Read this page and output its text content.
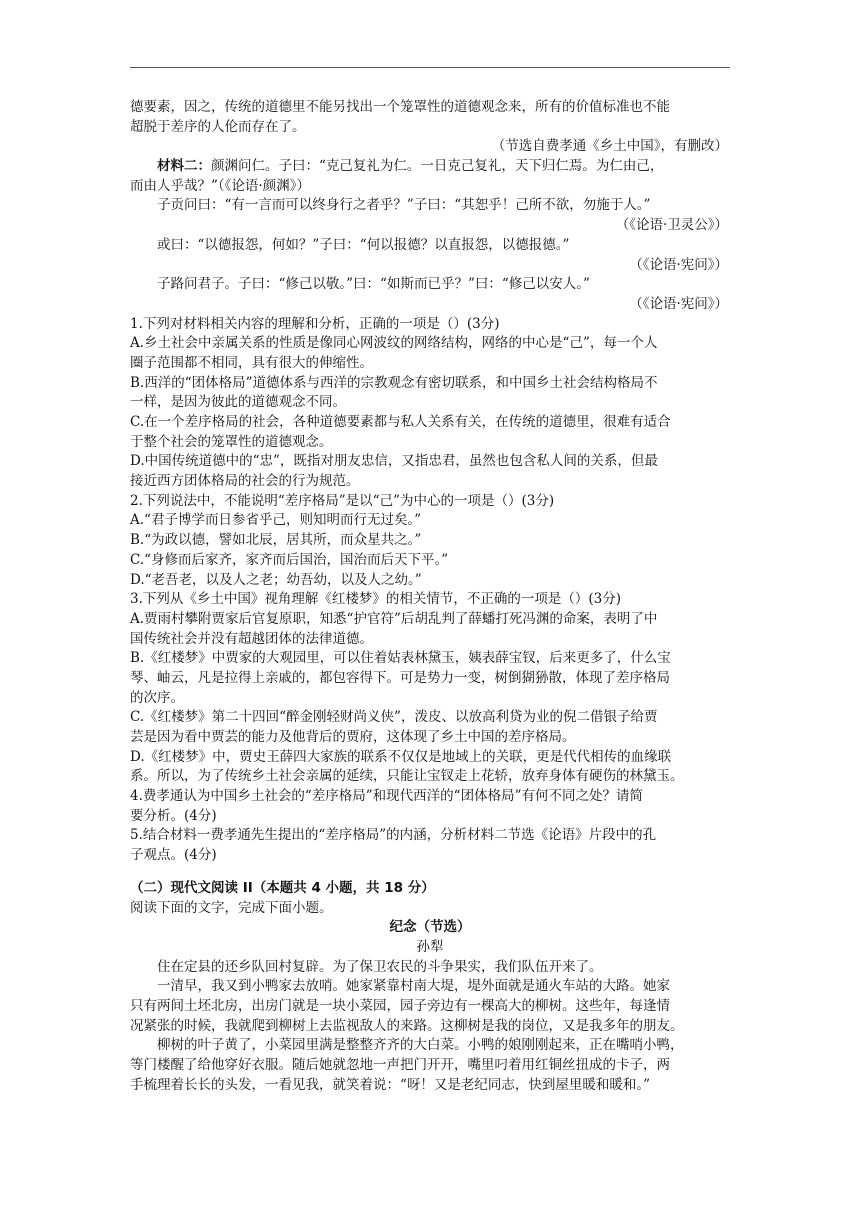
德要素，因之，传统的道德里不能另找出一个笼罩性的道德观念来，所有的价值标准也不能
超脱于差序的人伦而存在了。
（节选自费孝通《乡土中国》，有删改）
材料二：颜渊问仁。子曰：“克己复礼为仁。一日克己复礼，天下归仁焉。为仁由己，
而由人乎哉？”（《论语·颜渊》）
子贡问曰：“有一言而可以终身行之者乎？”子曰：“其恕乎！己所不欲，勿施于人。”
（《论语·卫灵公》）
或曰：“以德报怨，何如？”子曰：“何以报德？以直报怨，以德报德。”
（《论语·宪问》）
子路问君子。子曰：“修己以敬。”曰：“如斯而已乎？”曰：“修己以安人。”
（《论语·宪问》）
1.下列对材料相关内容的理解和分析，正确的一项是（）(3分)
A.乡土社会中亲属关系的性质是像同心网波纹的网络结构，网络的中心是“己”，每一个人
圈子范围都不相同，具有很大的伸缩性。
B.西洋的“团体格局”道德体系与西洋的宗教观念有密切联系，和中国乡土社会结构格局不
一样，是因为彼此的道德观念不同。
C.在一个差序格局的社会，各种道德要素都与私人关系有关，在传统的道德里，很难有适合
于整个社会的笼罩性的道德观念。
D.中国传统道德中的“忠”，既指对朋友忠信，又指忠君，虽然也包含私人间的关系，但最
接近西方团体格局的社会的行为规范。
2.下列说法中，不能说明“差序格局”是以“己”为中心的一项是（）(3分)
A.“君子博学而日参省乎己，则知明而行无过矣。”
B.“为政以德，譬如北辰，居其所，而众星共之。”
C.“身修而后家齐，家齐而后国治，国治而后天下平。”
D.“老吾老，以及人之老；幼吾幼，以及人之幼。”
3.下列从《乡土中国》视角理解《红楼梦》的相关情节，不正确的一项是（）(3分)
A.贾雨村攀附贾家后官复原职，知悉“护官符”后胡乱判了薛蟠打死冯渊的命案，表明了中
国传统社会并没有超越团体的法律道德。
B.《红楼梦》中贾家的大观园里，可以住着姑表林黛玉，姨表薛宝钗，后来更多了，什么宝
琴、岫云，凡是拉得上亲戚的，都包容得下。可是势力一变，树倒猢狲散，体现了差序格局
的次序。
C.《红楼梦》第二十四回“醉金刚轻财尚义侠”，泼皮、以放高利贷为业的倪二借银子给贾
芸是因为看中贾芸的能力及他背后的贾府，这体现了乡土中国的差序格局。
D.《红楼梦》中，贾史王薛四大家族的联系不仅仅是地域上的关联，更是代代相传的血缘联
系。所以，为了传统乡土社会亲属的延续，只能让宝钗走上花轿，放弃身体有硬伤的林黛玉。
4.费孝通认为中国乡土社会的“差序格局”和现代西洋的“团体格局”有何不同之处？请简
要分析。(4分)
5.结合材料一费孝通先生提出的“差序格局”的内涵，分析材料二节选《论语》片段中的孔
子观点。(4分)
（二）现代文阅读 II（本题共 4 小题，共 18 分）
阅读下面的文字，完成下面小题。
纪念（节选）
孙犁
住在定县的还乡队回村复辟。为了保卫农民的斗争果实，我们队伍开来了。
一清早，我又到小鸭家去放哨。她家紧靠村南大堤，堤外面就是通火车站的大路。她家
只有两间土坯北房，出房门就是一块小菜园，园子旁边有一棵高大的柳树。这些年，每逢情
况紧张的时候，我就爬到柳树上去监视敌人的来路。这柳树是我的岗位，又是我多年的朋友。
柳树的叶子黄了，小菜园里满是整整齐齐的大白菜。小鸭的娘刚刚起来，正在嘴哨小鸭，
等门楼醒了给他穿好衣服。随后她就忽地一声把门开开，嘴里叼着用红铜丝扭成的卡子，两
手梳理着长长的头发，一看见我，就笑着说：“呀！又是老纪同志，快到屋里暖和暖和。”
